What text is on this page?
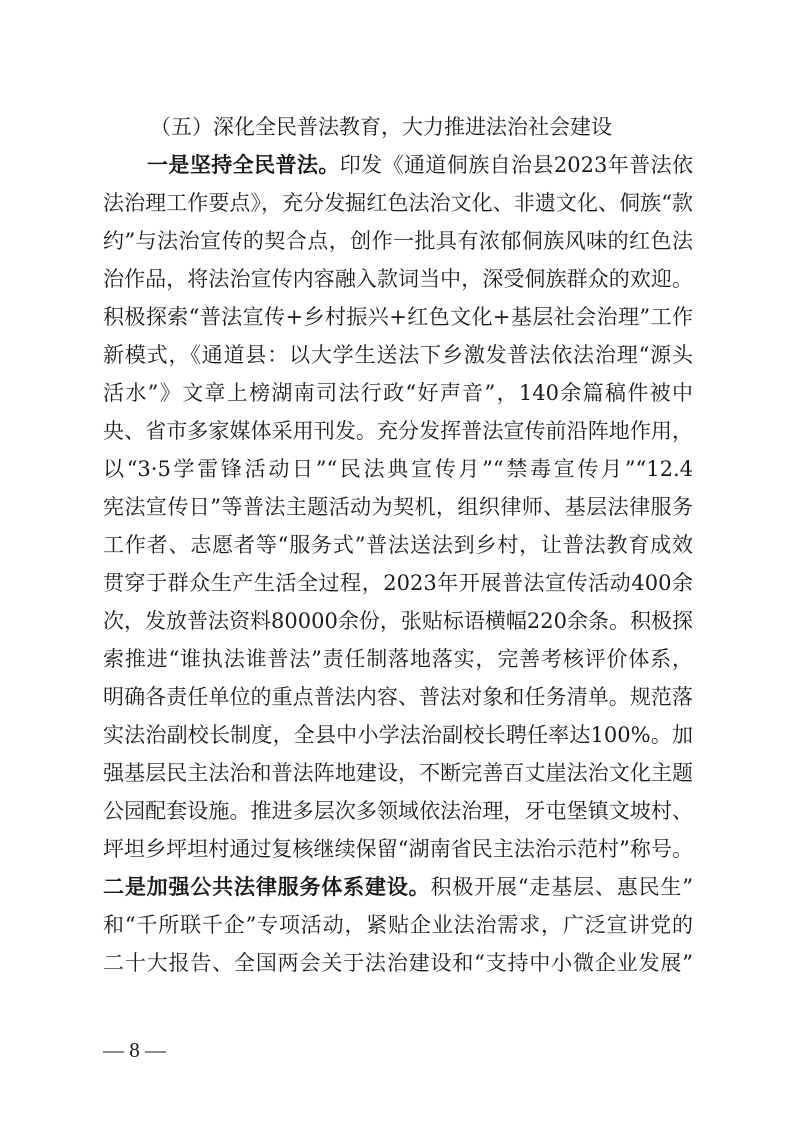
（五）深化全民普法教育，大力推进法治社会建设
一是坚持全民普法。印发《通道侗族自治县2023年普法依
法治理工作要点》，充分发掘红色法治文化、非遗文化、侗族“款
约”与法治宣传的契合点，创作一批具有浓郁侗族风味的红色法
治作品，将法治宣传内容融入款词当中，深受侗族群众的欢迎。
积极探索“普法宣传+乡村振兴+红色文化+基层社会治理”工作
新模式，《通道县：以大学生送法下乡激发普法依法治理“源头
活水”》文章上榜湖南司法行政“好声音”，140余篇稿件被中
央、省市多家媒体采用刊发。充分发挥普法宣传前沿阵地作用，
以“3·5学雷锋活动日”“民法典宣传月”“禁毒宣传月”“12.4
宪法宣传日”等普法主题活动为契机，组织律师、基层法律服务
工作者、志愿者等“服务式”普法送法到乡村，让普法教育成效
贯穿于群众生产生活全过程，2023年开展普法宣传活动400余
次，发放普法资料80000余份，张贴标语横幅220余条。积极探
索推进“谁执法谁普法”责任制落地落实，完善考核评价体系，
明确各责任单位的重点普法内容、普法对象和任务清单。规范落
实法治副校长制度，全县中小学法治副校长聘任率达100%。加
强基层民主法治和普法阵地建设，不断完善百丈崖法治文化主题
公园配套设施。推进多层次多领域依法治理，牙屯堡镇文坡村、
坪坦乡坪坦村通过复核继续保留“湖南省民主法治示范村”称号。
二是加强公共法律服务体系建设。积极开展“走基层、惠民生”
和“千所联千企”专项活动，紧贴企业法治需求，广泛宣讲党的
二十大报告、全国两会关于法治建设和“支持中小微企业发展”
— 8 —
